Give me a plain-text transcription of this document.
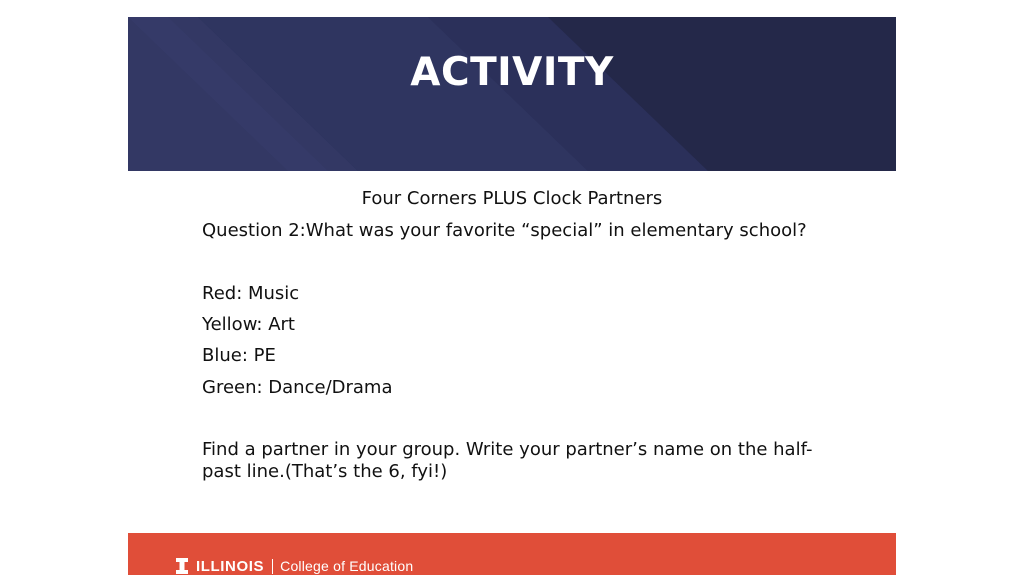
ACTIVITY
Four Corners PLUS Clock Partners
Question 2:What was your favorite “special” in elementary school?
Red: Music
Yellow: Art
Blue: PE
Green: Dance/Drama
Find a partner in your group. Write your partner’s name on the half-past line.(That’s the 6, fyi!)
ILLINOIS College of Education
